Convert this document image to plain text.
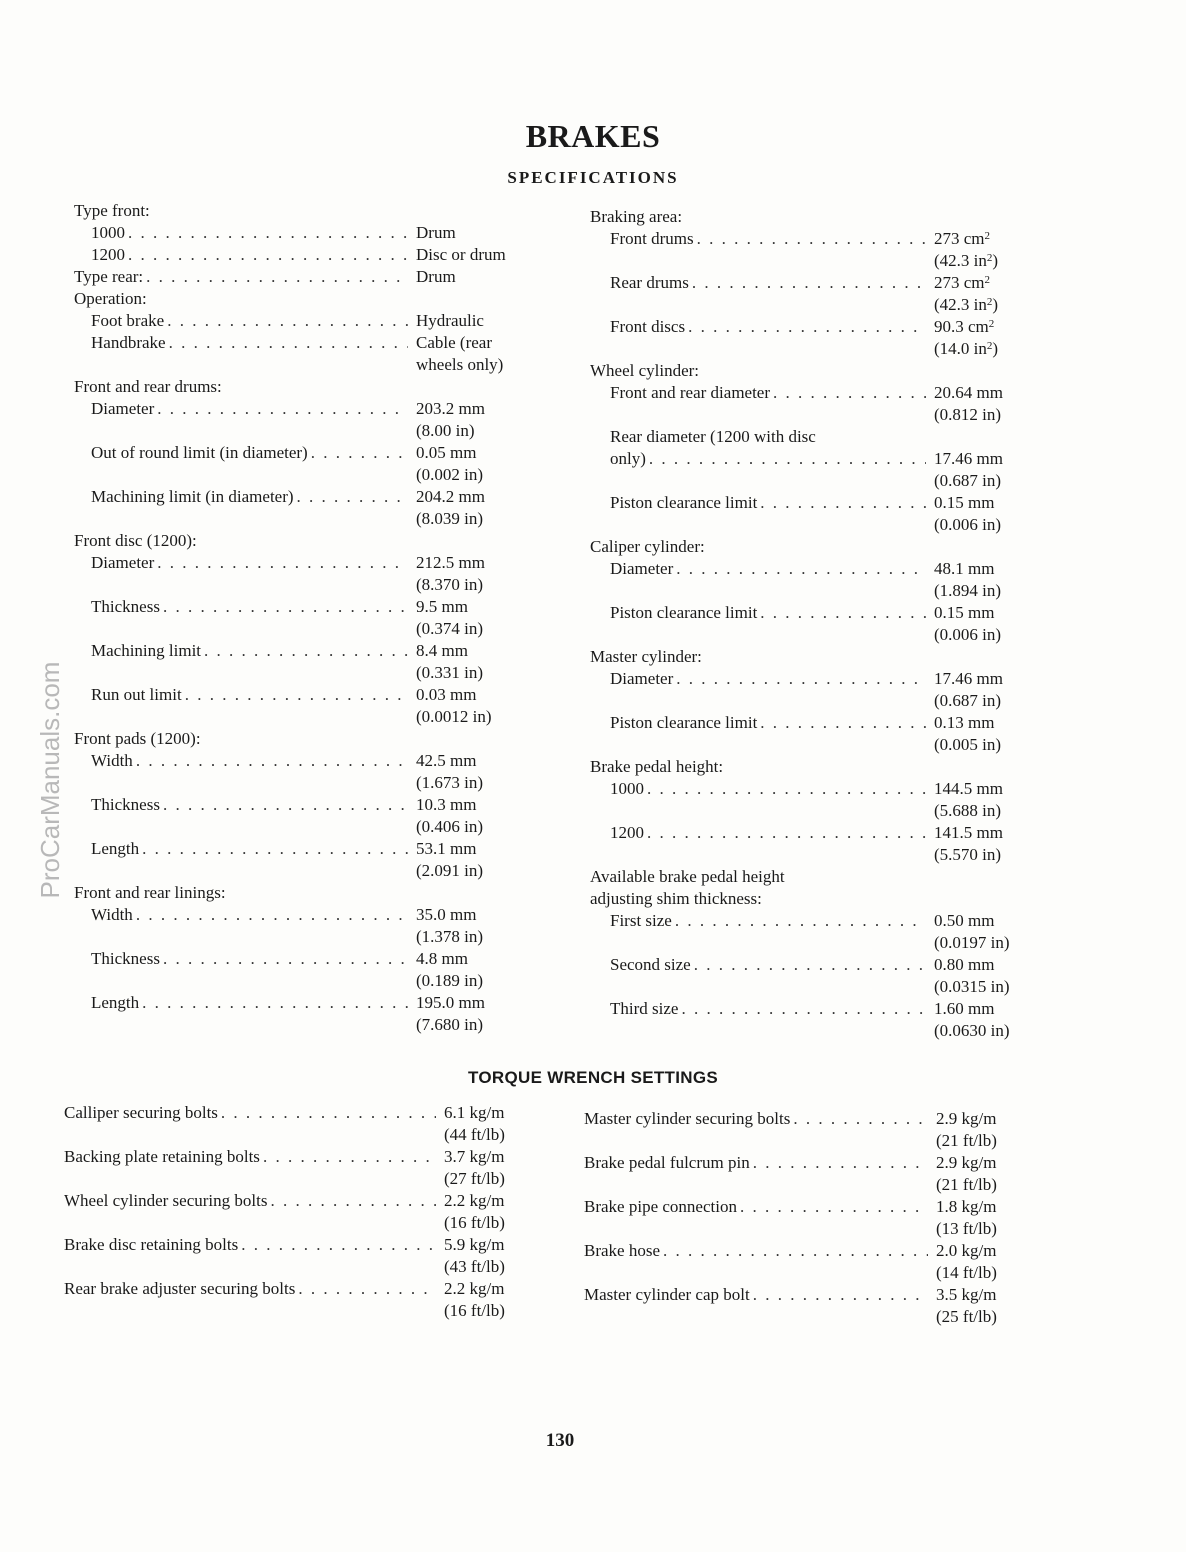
ProCarManuals.com
BRAKES
SPECIFICATIONS
Type front:
1000 . . .	Drum
1200 . . .	Disc or drum
Type rear: . . .	Drum
Operation:
Foot brake . . .	Hydraulic
Handbrake . . .	Cable (rear
wheels only)
Front and rear drums:
Diameter . . .	203.2 mm
(8.00 in)
Out of round limit (in diameter) . . .	0.05 mm
(0.002 in)
Machining limit (in diameter) . . .	204.2 mm
(8.039 in)
Front disc (1200):
Diameter . . .	212.5 mm
(8.370 in)
Thickness . . .	9.5 mm
(0.374 in)
Machining limit . . .	8.4 mm
(0.331 in)
Run out limit . . .	0.03 mm
(0.0012 in)
Front pads (1200):
Width . . .	42.5 mm
(1.673 in)
Thickness . . .	10.3 mm
(0.406 in)
Length . . .	53.1 mm
(2.091 in)
Front and rear linings:
Width . . .	35.0 mm
(1.378 in)
Thickness . . .	4.8 mm
(0.189 in)
Length . . .	195.0 mm
(7.680 in)
Braking area:
Front drums . . .	273 $cm^2$
(42.3 $in^2$)
Rear drums . . .	273 $cm^2$
(42.3 $in^2$)
Front discs . . .	90.3 $cm^2$
(14.0 $in^2$)
Wheel cylinder:
Front and rear diameter . . .	20.64 mm
(0.812 in)
Rear diameter (1200 with disc
only) . . .	17.46 mm
(0.687 in)
Piston clearance limit . . .	0.15 mm
(0.006 in)
Caliper cylinder:
Diameter . . .	48.1 mm
(1.894 in)
Piston clearance limit . . .	0.15 mm
(0.006 in)
Master cylinder:
Diameter . . .	17.46 mm
(0.687 in)
Piston clearance limit . . .	0.13 mm
(0.005 in)
Brake pedal height:
1000 . . .	144.5 mm
(5.688 in)
1200 . . .	141.5 mm
(5.570 in)
Available brake pedal height
adjusting shim thickness:
First size . . .	0.50 mm
(0.0197 in)
Second size . . .	0.80 mm
(0.0315 in)
Third size . . .	1.60 mm
(0.0630 in)
TORQUE WRENCH SETTINGS
Calliper securing bolts . . .	6.1 kg/m
(44 ft/lb)
Backing plate retaining bolts . . .	3.7 kg/m
(27 ft/lb)
Wheel cylinder securing bolts . . .	2.2 kg/m
(16 ft/lb)
Brake disc retaining bolts . . .	5.9 kg/m
(43 ft/lb)
Rear brake adjuster securing bolts . . .	2.2 kg/m
(16 ft/lb)
Master cylinder securing bolts . . .	2.9 kg/m
(21 ft/lb)
Brake pedal fulcrum pin . . .	2.9 kg/m
(21 ft/lb)
Brake pipe connection . . .	1.8 kg/m
(13 ft/lb)
Brake hose . . .	2.0 kg/m
(14 ft/lb)
Master cylinder cap bolt . . .	3.5 kg/m
(25 ft/lb)
130
